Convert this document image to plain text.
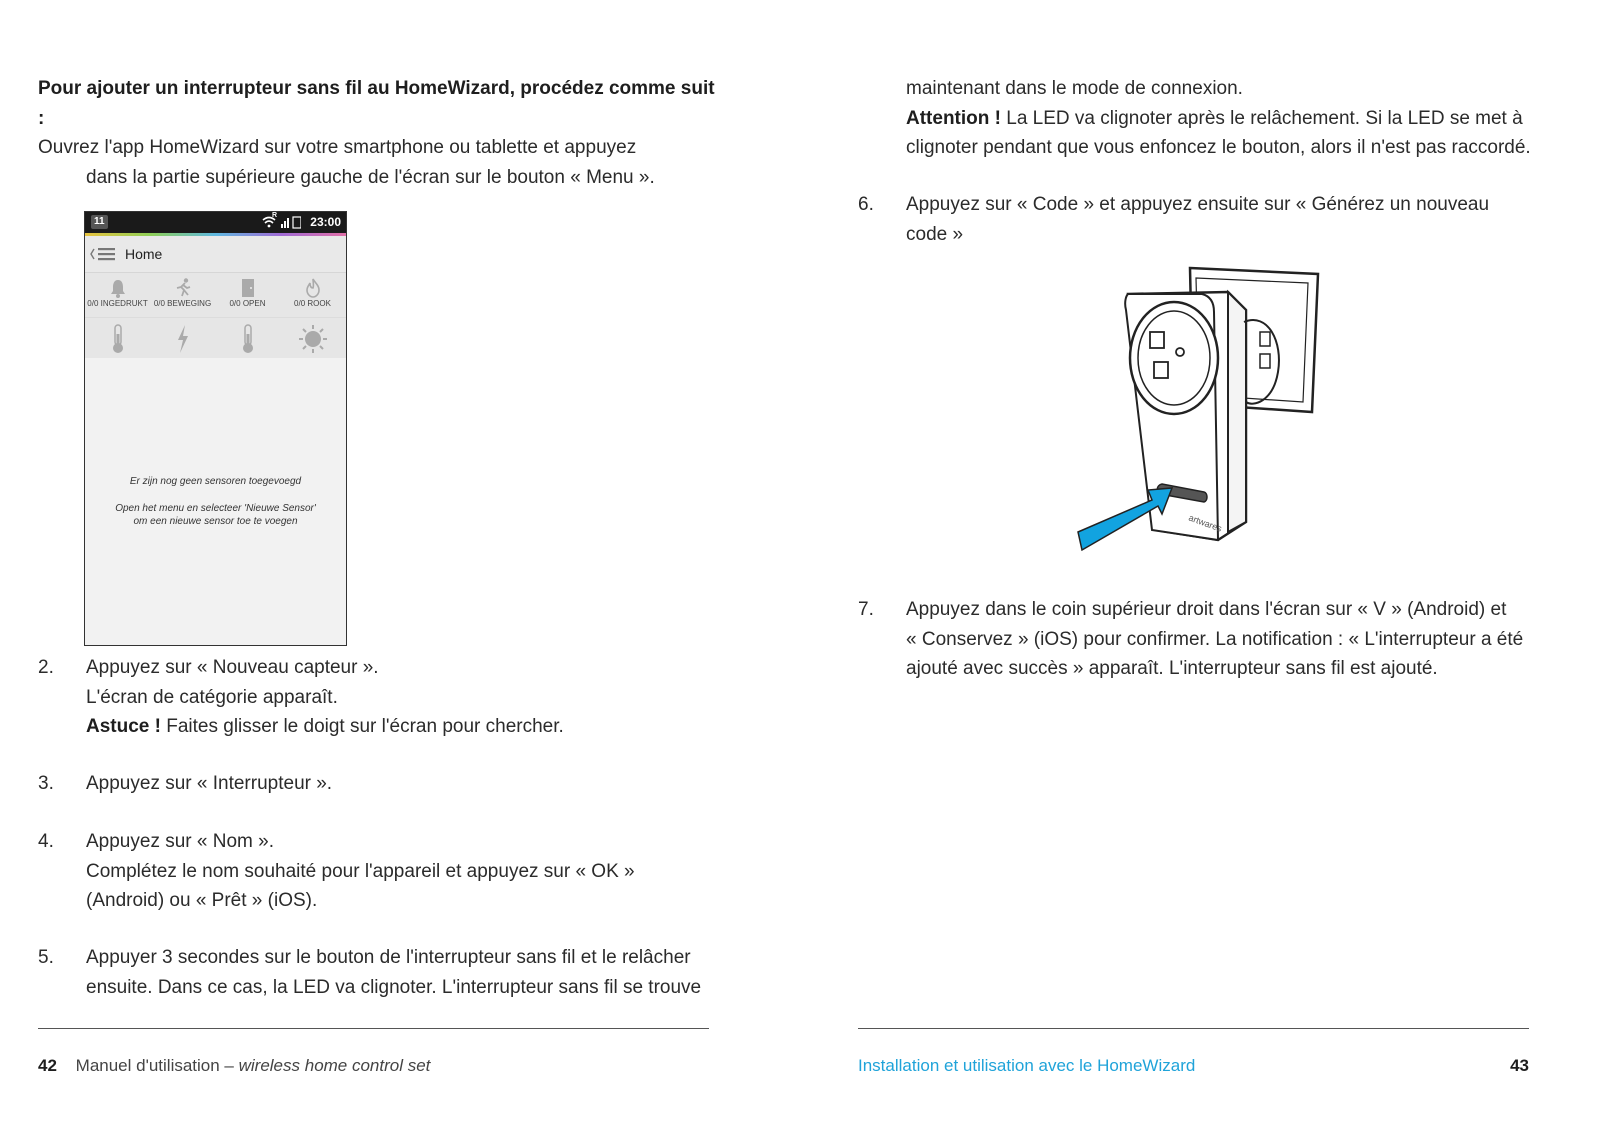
Pour ajouter un interrupteur sans fil au HomeWizard, procédez comme suit :
Ouvrez l'app HomeWizard sur votre smartphone ou tablette et appuyez
dans la partie supérieure gauche de l'écran sur le bouton « Menu ».
11
R	23:00
Home
0/0 INGEDRUKT 0/0 BEWEGING	0/0 OPEN	0/0 ROOK
Er zijn nog geen sensoren toegevoegd
Open het menu en selecteer 'Nieuwe Sensor'
om een nieuwe sensor toe te voegen
2.	Appuyez sur « Nouveau capteur ».
L'écran de catégorie apparaît.
Astuce ! Faites glisser le doigt sur l'écran pour chercher.
3.	Appuyez sur « Interrupteur ».
4.	Appuyez sur « Nom ».
Complétez le nom souhaité pour l'appareil et appuyez sur « OK »
(Android) ou « Prêt » (iOS).
5.	Appuyer 3 secondes sur le bouton de l'interrupteur sans fil et le relâcher
ensuite. Dans ce cas, la LED va clignoter. L'interrupteur sans fil se trouve
42 Manuel d'utilisation – wireless home control set
maintenant dans le mode de connexion.
Attention ! La LED va clignoter après le relâchement. Si la LED se met à
clignoter pendant que vous enfoncez le bouton, alors il n'est pas raccordé.
6.	Appuyez sur « Code » et appuyez ensuite sur « Générez un nouveau
code »
artwares
7.	Appuyez dans le coin supérieur droit dans l'écran sur « V » (Android) et
« Conservez » (iOS) pour confirmer. La notification : « L'interrupteur a été
ajouté avec succès » apparaît. L'interrupteur sans fil est ajouté.
Installation et utilisation avec le HomeWizard	43
